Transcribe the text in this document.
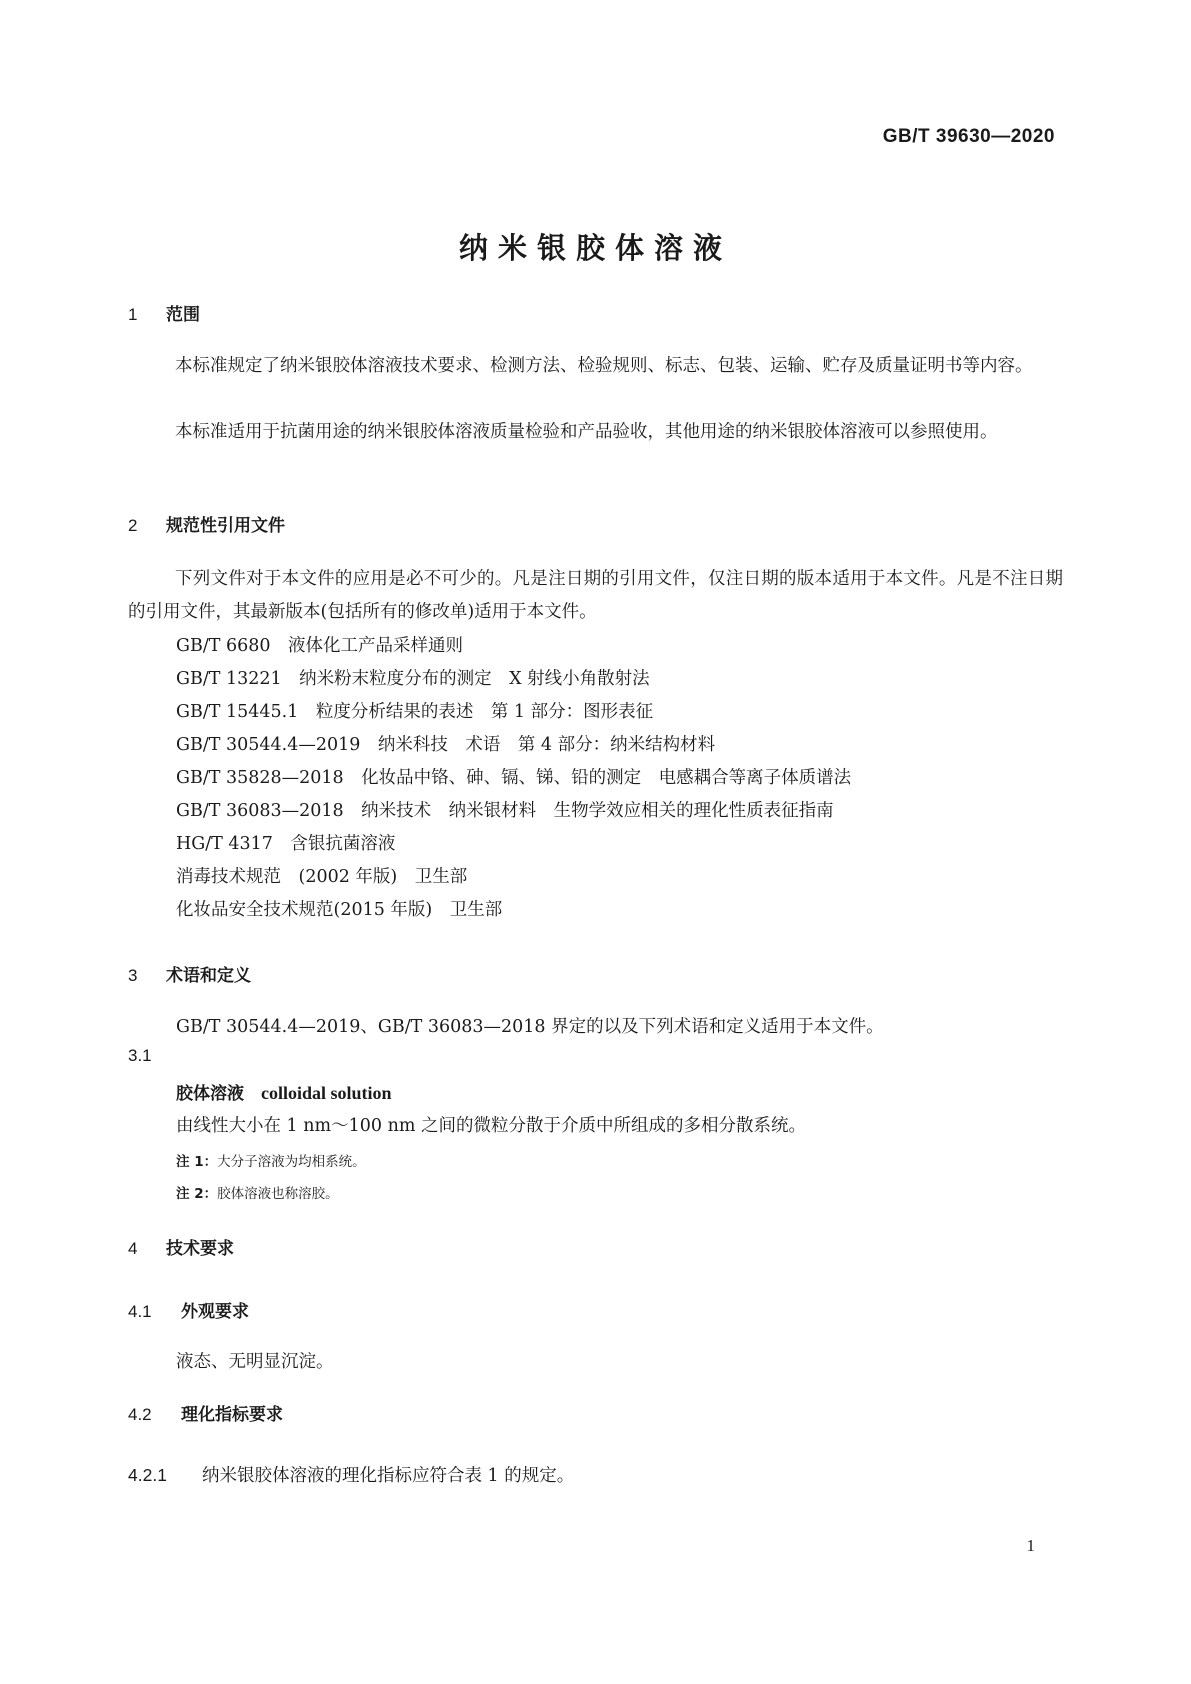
GB/T 39630—2020
纳米银胶体溶液
1 范围
本标准规定了纳米银胶体溶液技术要求、检测方法、检验规则、标志、包装、运输、贮存及质量证明书等内容。
本标准适用于抗菌用途的纳米银胶体溶液质量检验和产品验收，其他用途的纳米银胶体溶液可以参照使用。
2 规范性引用文件
下列文件对于本文件的应用是必不可少的。凡是注日期的引用文件，仅注日期的版本适用于本文件。凡是不注日期的引用文件，其最新版本(包括所有的修改单)适用于本文件。
GB/T 6680　液体化工产品采样通则
GB/T 13221　纳米粉末粒度分布的测定　X 射线小角散射法
GB/T 15445.1　粒度分析结果的表述　第 1 部分：图形表征
GB/T 30544.4—2019　纳米科技　术语　第 4 部分：纳米结构材料
GB/T 35828—2018　化妆品中铬、砷、镉、锑、铅的测定　电感耦合等离子体质谱法
GB/T 36083—2018　纳米技术　纳米银材料　生物学效应相关的理化性质表征指南
HG/T 4317　含银抗菌溶液
消毒技术规范　(2002 年版)　卫生部
化妆品安全技术规范(2015 年版)　卫生部
3 术语和定义
GB/T 30544.4—2019、GB/T 36083—2018 界定的以及下列术语和定义适用于本文件。
3.1
胶体溶液　 colloidal solution
由线性大小在 1 nm～100 nm 之间的微粒分散于介质中所组成的多相分散系统。
注 1：大分子溶液为均相系统。
注 2：胶体溶液也称溶胶。
4 技术要求
4.1 外观要求
液态、无明显沉淀。
4.2 理化指标要求
4.2.1 纳米银胶体溶液的理化指标应符合表 1 的规定。
1
